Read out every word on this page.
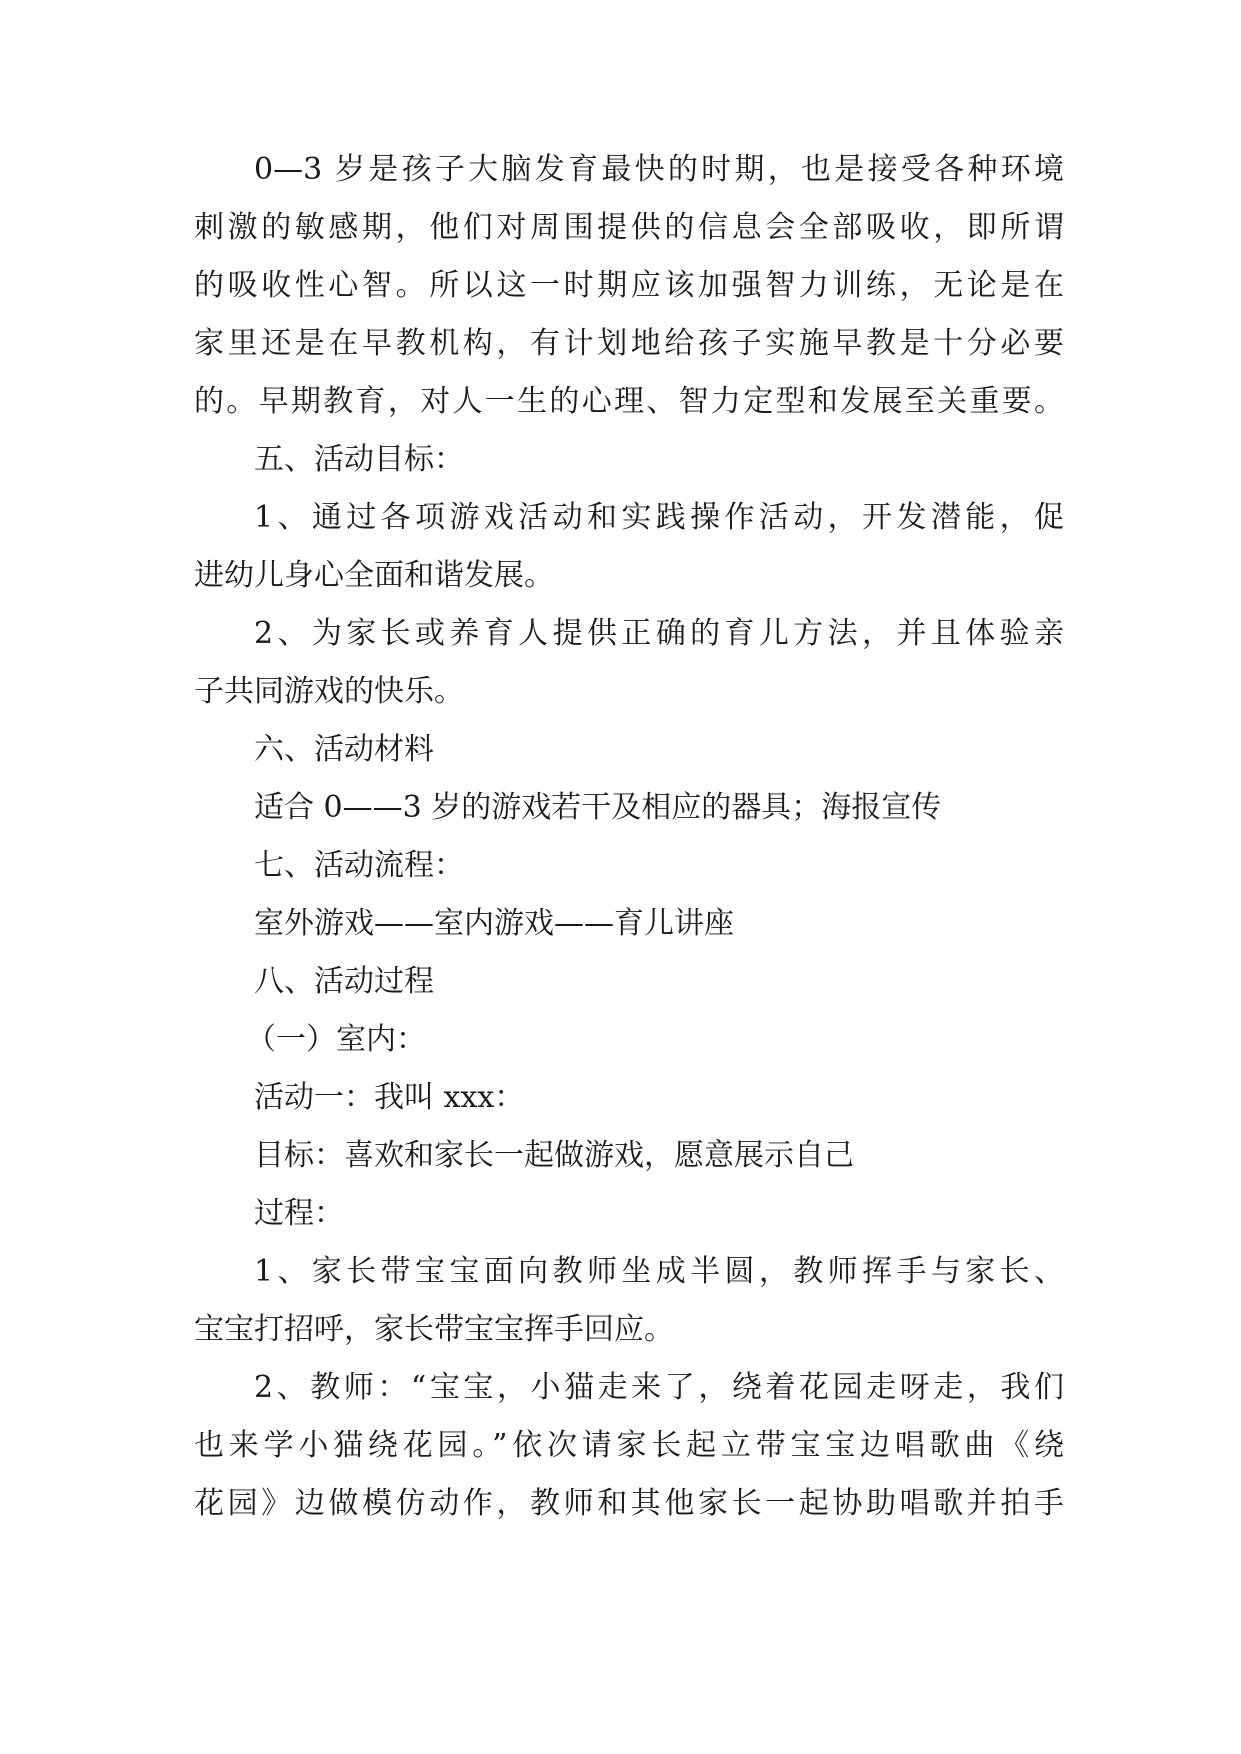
0—3 岁是孩子大脑发育最快的时期，也是接受各种环境
刺激的敏感期，他们对周围提供的信息会全部吸收，即所谓
的吸收性心智。所以这一时期应该加强智力训练，无论是在
家里还是在早教机构，有计划地给孩子实施早教是十分必要
的。早期教育，对人一生的心理、智力定型和发展至关重要。
五、活动目标：
1、通过各项游戏活动和实践操作活动，开发潜能，促
进幼儿身心全面和谐发展。
2、为家长或养育人提供正确的育儿方法，并且体验亲
子共同游戏的快乐。
六、活动材料
适合 0——3 岁的游戏若干及相应的器具；海报宣传
七、活动流程：
室外游戏——室内游戏——育儿讲座
八、活动过程
（一）室内：
活动一：我叫 xxx：
目标：喜欢和家长一起做游戏，愿意展示自己
过程：
1、家长带宝宝面向教师坐成半圆，教师挥手与家长、
宝宝打招呼，家长带宝宝挥手回应。
2、教师：“宝宝，小猫走来了，绕着花园走呀走，我们
也来学小猫绕花园。”依次请家长起立带宝宝边唱歌曲《绕
花园》边做模仿动作，教师和其他家长一起协助唱歌并拍手
